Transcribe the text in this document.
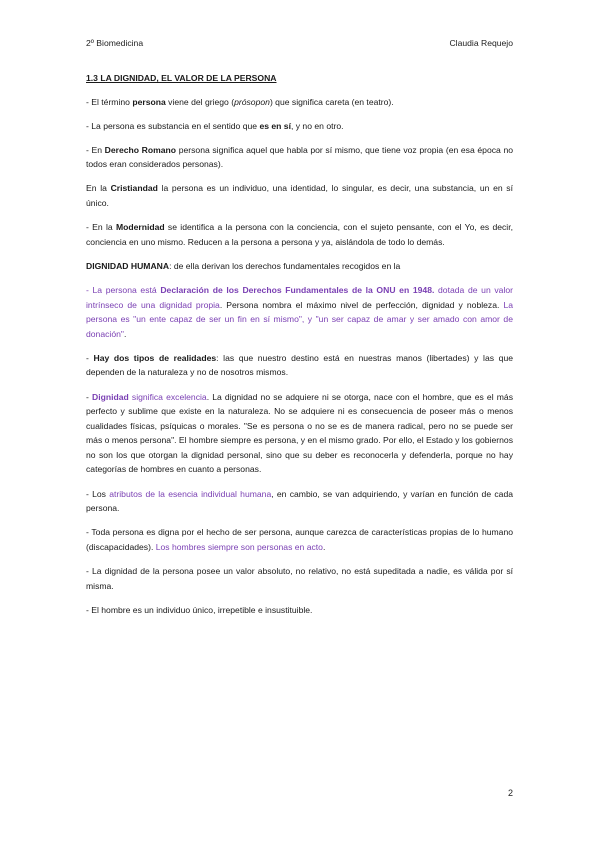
2º Biomedicina	Claudia Requejo

1.3 LA DIGNIDAD, EL VALOR DE LA PERSONA

- El término persona viene del griego (prósopon) que significa careta (en teatro).

- La persona es substancia en el sentido que es en sí, y no en otro.

- En Derecho Romano persona significa aquel que habla por sí mismo, que tiene voz propia (en esa época no todos eran considerados personas).

En la Cristiandad la persona es un individuo, una identidad, lo singular, es decir, una substancia, un en sí único.

- En la Modernidad se identifica a la persona con la conciencia, con el sujeto pensante, con el Yo, es decir, conciencia en uno mismo. Reducen a la persona a persona y ya, aislándola de todo lo demás.

DIGNIDAD HUMANA: de ella derivan los derechos fundamentales recogidos en la

- La persona está Declaración de los Derechos Fundamentales de la ONU en 1948. dotada de un valor intrínseco de una dignidad propia. Persona nombra el máximo nivel de perfección, dignidad y nobleza. La persona es "un ente capaz de ser un fin en sí mismo", y "un ser capaz de amar y ser amado con amor de donación".

- Hay dos tipos de realidades: las que nuestro destino está en nuestras manos (libertades) y las que dependen de la naturaleza y no de nosotros mismos.

- Dignidad significa excelencia. La dignidad no se adquiere ni se otorga, nace con el hombre, que es el más perfecto y sublime que existe en la naturaleza. No se adquiere ni es consecuencia de poseer más o menos cualidades físicas, psíquicas o morales. "Se es persona o no se es de manera radical, pero no se puede ser más o menos persona". El hombre siempre es persona, y en el mismo grado. Por ello, el Estado y los gobiernos no son los que otorgan la dignidad personal, sino que su deber es reconocerla y defenderla, porque no hay categorías de hombres en cuanto a personas.

- Los atributos de la esencia individual humana, en cambio, se van adquiriendo, y varían en función de cada persona.

- Toda persona es digna por el hecho de ser persona, aunque carezca de características propias de lo humano (discapacidades). Los hombres siempre son personas en acto.

- La dignidad de la persona posee un valor absoluto, no relativo, no está supeditada a nadie, es válida por sí misma.

- El hombre es un individuo único, irrepetible e insustituible.

2
